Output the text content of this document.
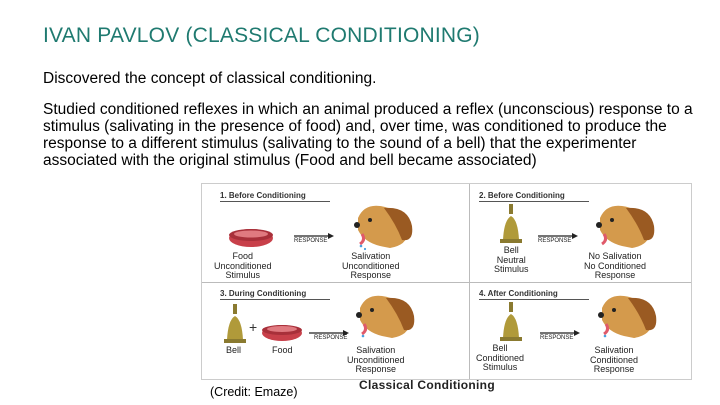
IVAN PAVLOV (CLASSICAL CONDITIONING)
Discovered the concept of classical conditioning.
Studied conditioned reflexes in which an animal produced a reflex (unconscious) response to a stimulus (salivating in the presence of food) and, over time, was conditioned to produce the response to a different stimulus (salivating to the sound of a bell) that the experimenter associated with the original stimulus (Food and bell became associated)
1. Before Conditioning
RESPONSE
Food
Unconditioned
Stimulus
Salivation
Unconditioned
Response
2. Before Conditioning
RESPONSE
Bell
Neutral
Stimulus
No Salivation
No Conditioned
Response
3. During Conditioning
+
RESPONSE
Bell	Food	Salivation
Unconditioned
Response
4. After Conditioning
RESPONSE
Bell
Conditioned
Stimulus
Salivation
Conditioned
Response
Classical Conditioning
(Credit: Emaze)
